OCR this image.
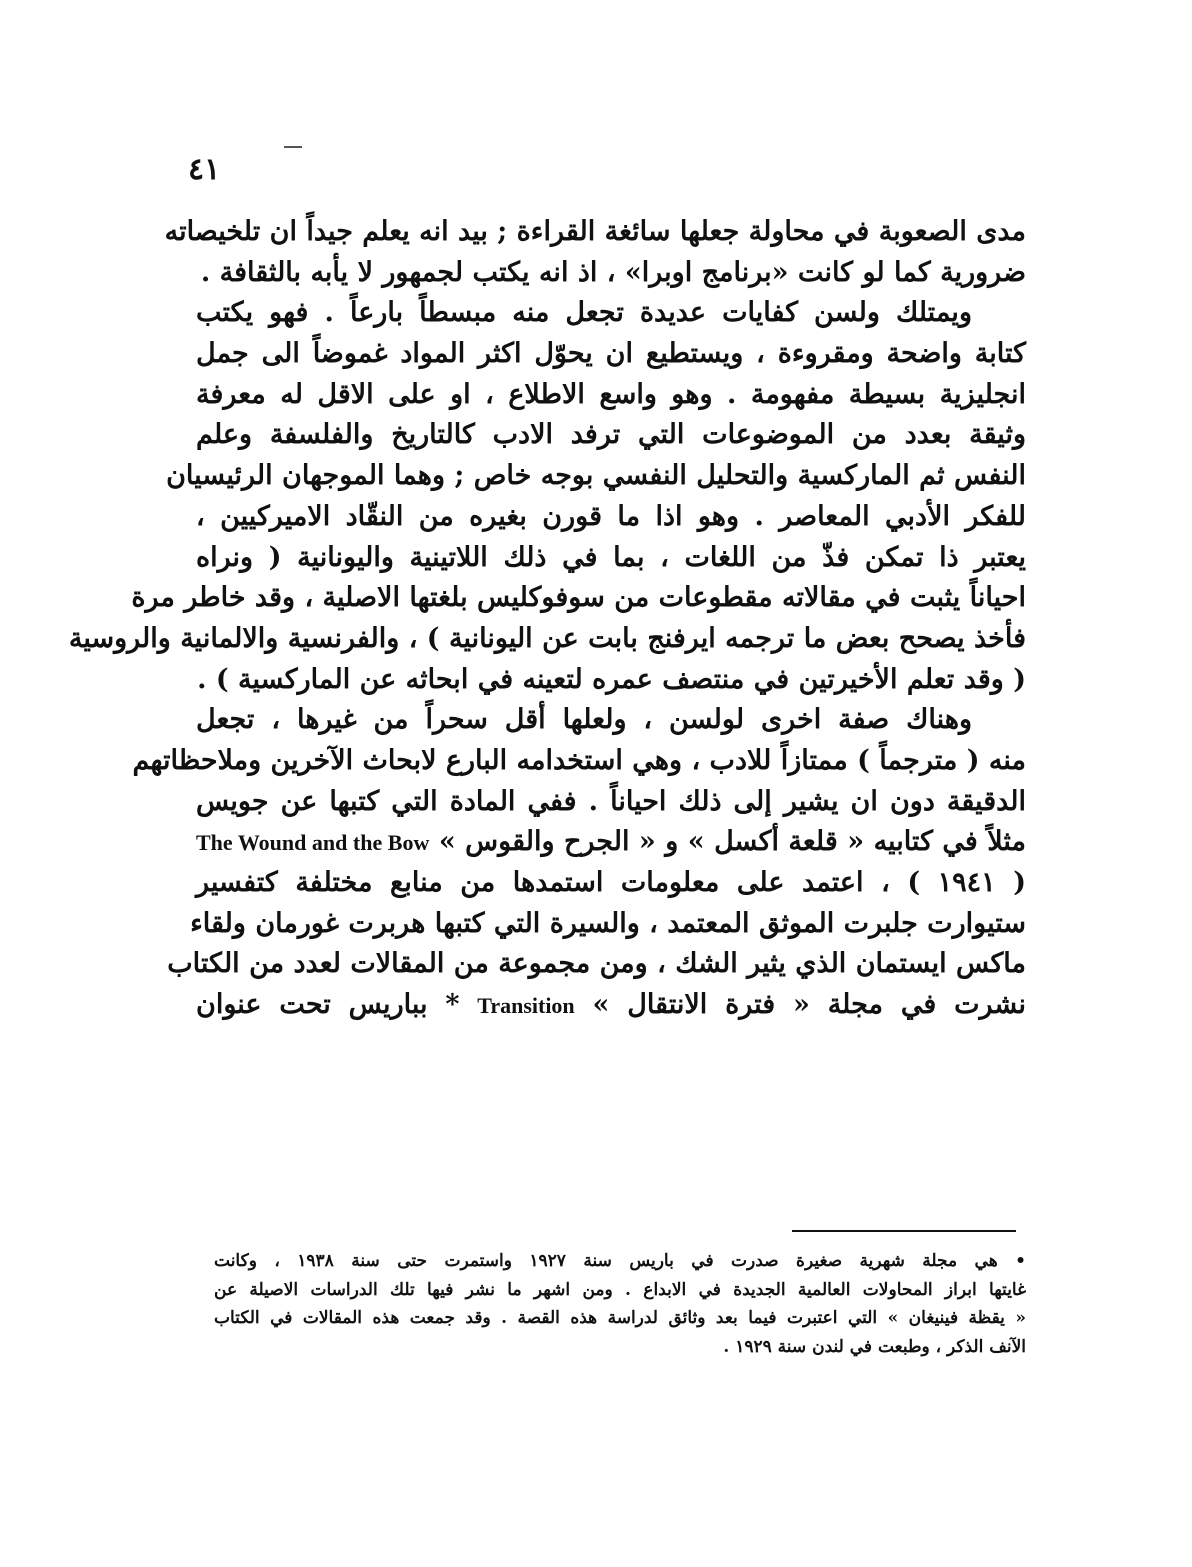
٤١
مدى الصعوبة في محاولة جعلها سائغة القراءة ; بيد انه يعلم جيداً ان تلخيصاته
ضرورية كما لو كانت «برنامج اوبرا» ، اذ انه يكتب لجمهور لا يأبه بالثقافة .
ويمتلك ولسن كفايات عديدة تجعل منه مبسطاً بارعاً . فهو يكتب
كتابة واضحة ومقروءة ، ويستطيع ان يحوّل اكثر المواد غموضاً الى جمل
انجليزية بسيطة مفهومة . وهو واسع الاطلاع ، او على الاقل له معرفة
وثيقة بعدد من الموضوعات التي ترفد الادب كالتاريخ والفلسفة وعلم
النفس ثم الماركسية والتحليل النفسي بوجه خاص ; وهما الموجهان الرئيسيان
للفكر الأدبي المعاصر . وهو اذا ما قورن بغيره من النقّاد الاميركيين ،
يعتبر ذا تمكن فذّ من اللغات ، بما في ذلك اللاتينية واليونانية ( ونراه
احياناً يثبت في مقالاته مقطوعات من سوفوكليس بلغتها الاصلية ، وقد خاطر مرة
فأخذ يصحح بعض ما ترجمه ايرفنج بابت عن اليونانية ) ، والفرنسية والالمانية والروسية
( وقد تعلم الأخيرتين في منتصف عمره لتعينه في ابحاثه عن الماركسية ) .
وهناك صفة اخرى لولسن ، ولعلها أقل سحراً من غيرها ، تجعل
منه ( مترجماً ) ممتازاً للادب ، وهي استخدامه البارع لابحاث الآخرين وملاحظاتهم
الدقيقة دون ان يشير إلى ذلك احياناً . ففي المادة التي كتبها عن جويس
مثلاً في كتابيه « قلعة أكسل » و « الجرح والقوس » The Wound and the Bow
( ١٩٤١ ) ، اعتمد على معلومات استمدها من منابع مختلفة كتفسير
ستيوارت جلبرت الموثق المعتمد ، والسيرة التي كتبها هربرت غورمان ولقاء
ماكس ايستمان الذي يثير الشك ، ومن مجموعة من المقالات لعدد من الكتاب
نشرت في مجلة « فترة الانتقال » Transition * بباريس تحت عنوان
• هي مجلة شهرية صغيرة صدرت في باريس سنة ١٩٢٧ واستمرت حتى سنة ١٩٣٨ ، وكانت
غايتها ابراز المحاولات العالمية الجديدة في الابداع . ومن اشهر ما نشر فيها تلك الدراسات الاصيلة عن
« يقظة فينيغان » التي اعتبرت فيما بعد وثائق لدراسة هذه القصة . وقد جمعت هذه المقالات في الكتاب
الآنف الذكر ، وطبعت في لندن سنة ١٩٢٩ .
